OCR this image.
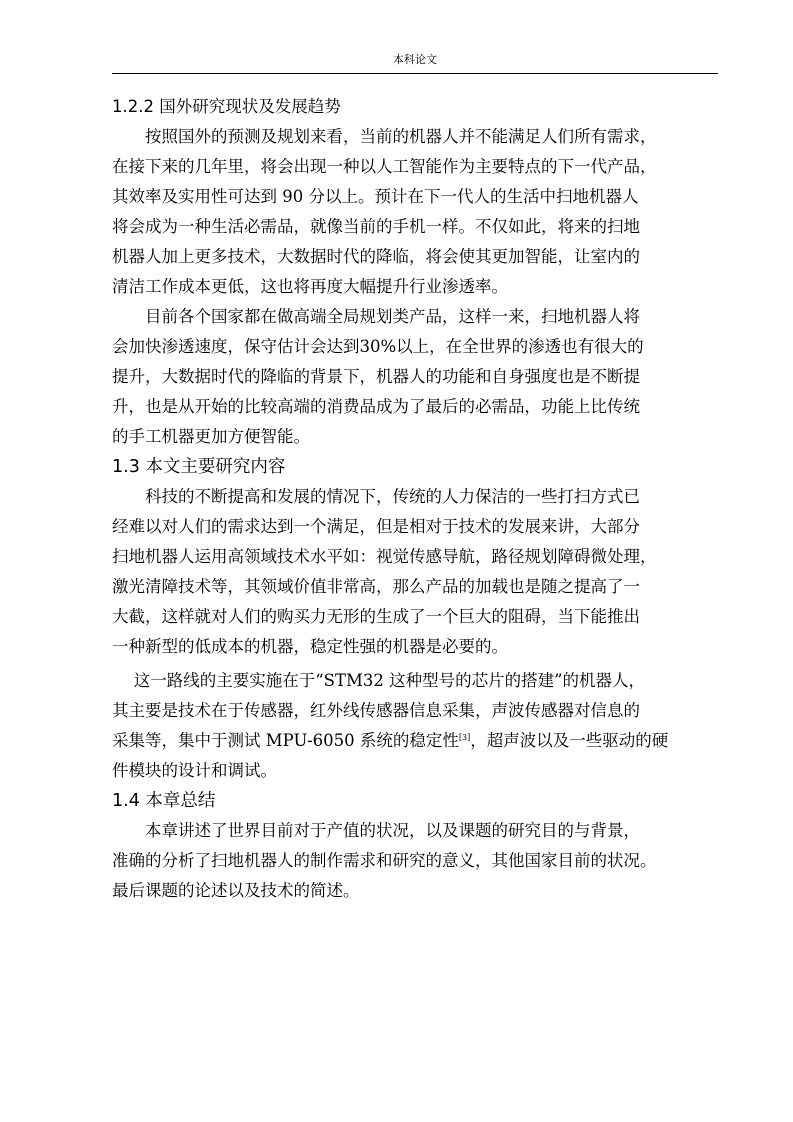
本科论文
1.2.2 国外研究现状及发展趋势
　　按照国外的预测及规划来看，当前的机器人并不能满足人们所有需求，
在接下来的几年里，将会出现一种以人工智能作为主要特点的下一代产品，
其效率及实用性可达到 90 分以上。预计在下一代人的生活中扫地机器人
将会成为一种生活必需品，就像当前的手机一样。不仅如此，将来的扫地
机器人加上更多技术，大数据时代的降临，将会使其更加智能，让室内的
清洁工作成本更低，这也将再度大幅提升行业渗透率。
　　目前各个国家都在做高端全局规划类产品，这样一来，扫地机器人将
会加快渗透速度，保守估计会达到30%以上，在全世界的渗透也有很大的
提升，大数据时代的降临的背景下，机器人的功能和自身强度也是不断提
升，也是从开始的比较高端的消费品成为了最后的必需品，功能上比传统
的手工机器更加方便智能。
1.3 本文主要研究内容
　　科技的不断提高和发展的情况下，传统的人力保洁的一些打扫方式已
经难以对人们的需求达到一个满足，但是相对于技术的发展来讲，大部分
扫地机器人运用高领域技术水平如：视觉传感导航，路径规划障碍微处理，
激光清障技术等，其领域价值非常高，那么产品的加载也是随之提高了一
大截，这样就对人们的购买力无形的生成了一个巨大的阻碍，当下能推出
一种新型的低成本的机器，稳定性强的机器是必要的。
　 这一路线的主要实施在于“STM32 这种型号的芯片的搭建”的机器人，
其主要是技术在于传感器，红外线传感器信息采集，声波传感器对信息的
采集等，集中于测试 MPU-6050 系统的稳定性[3]，超声波以及一些驱动的硬
件模块的设计和调试。
1.4 本章总结
　　本章讲述了世界目前对于产值的状况，以及课题的研究目的与背景，
准确的分析了扫地机器人的制作需求和研究的意义，其他国家目前的状况。
最后课题的论述以及技术的简述。
